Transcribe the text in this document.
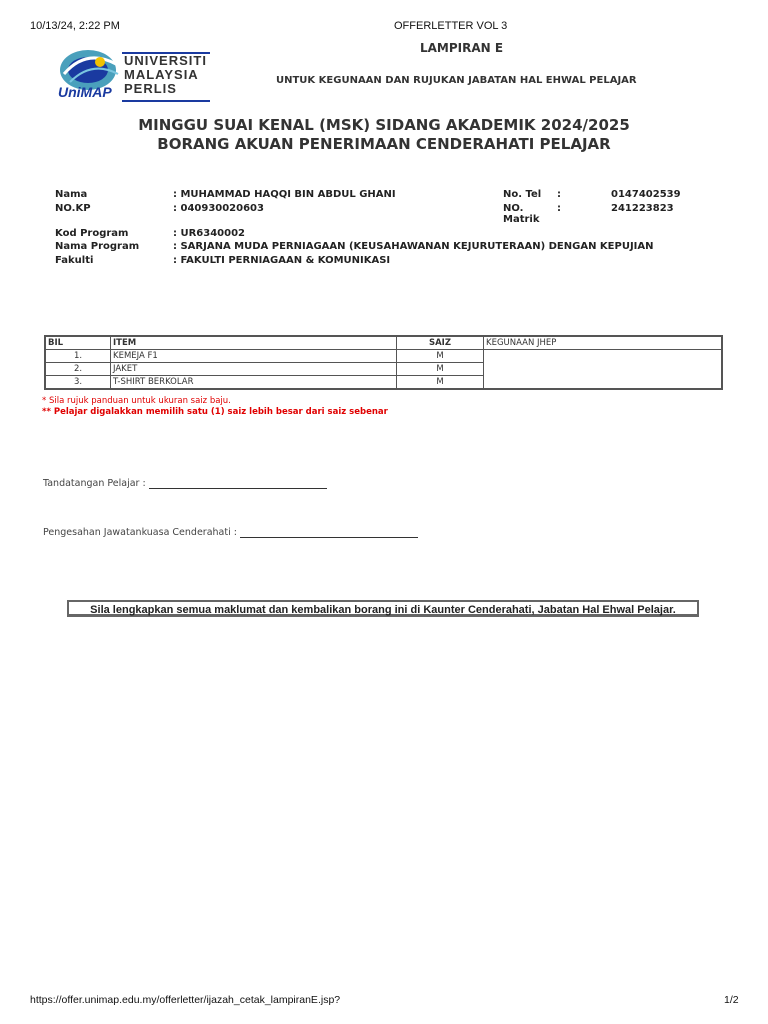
10/13/24, 2:22 PM	OFFERLETTER VOL 3
UNIVERSITI
MALAYSIA
PERLIS
UniMAP
LAMPIRAN E
UNTUK KEGUNAAN DAN RUJUKAN JABATAN HAL EHWAL PELAJAR
MINGGU SUAI KENAL (MSK) SIDANG AKADEMIK 2024/2025
BORANG AKUAN PENERIMAAN CENDERAHATI PELAJAR
Nama	: MUHAMMAD HAQQI BIN ABDUL GHANI
NO.KP	: 040930020603
No. Tel :	0147402539
NO.
Matrik
:	241223823
Kod Program	: UR6340002
Nama Program	: SARJANA MUDA PERNIAGAAN (KEUSAHAWANAN KEJURUTERAAN) DENGAN KEPUJIAN
Fakulti	: FAKULTI PERNIAGAAN & KOMUNIKASI
BIL	ITEM	SAIZ	KEGUNAAN JHEP
1.	KEMEJA F1	M	
2.	JAKET	M	
3.	T-SHIRT BERKOLAR	M	
* Sila rujuk panduan untuk ukuran saiz baju.
** Pelajar digalakkan memilih satu (1) saiz lebih besar dari saiz sebenar
Tandatangan Pelajar :
Pengesahan Jawatankuasa Cenderahati :
Sila lengkapkan semua maklumat dan kembalikan borang ini di Kaunter Cenderahati, Jabatan Hal Ehwal Pelajar.
https://offer.unimap.edu.my/offerletter/ijazah_cetak_lampiranE.jsp?	1/2
